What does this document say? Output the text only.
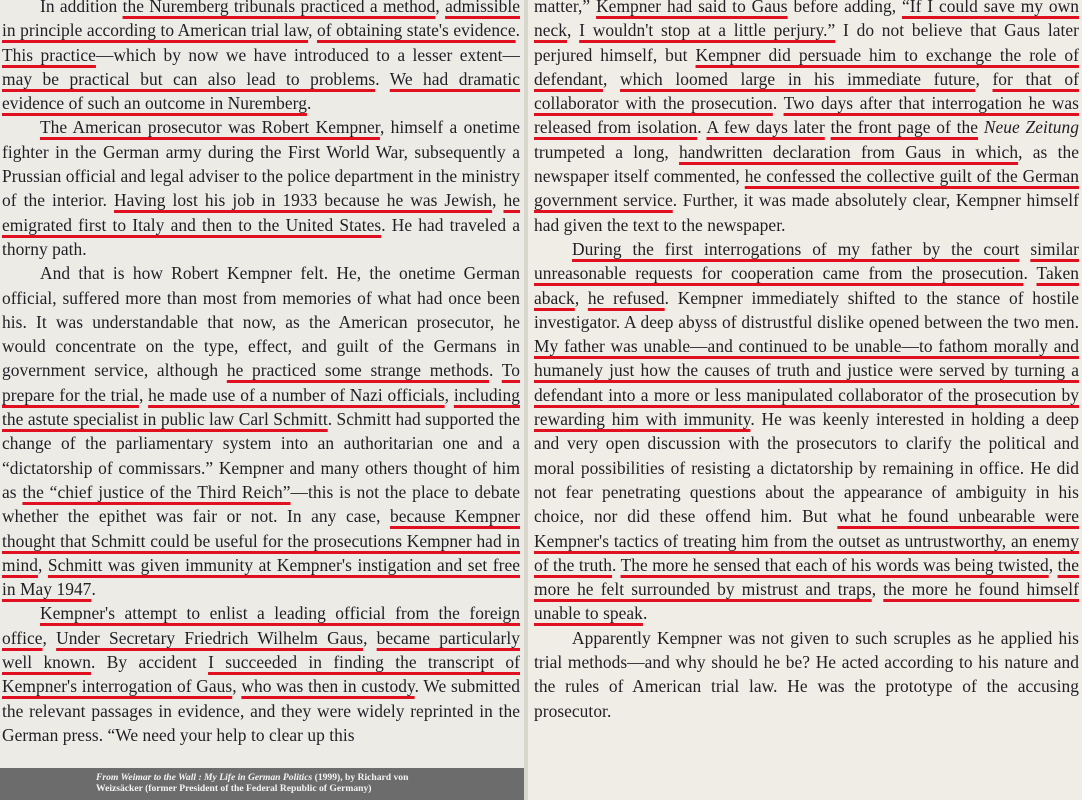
In addition the Nuremberg tribunals practiced a method, admissible in principle according to American trial law, of obtaining state's evidence. This practice—which by now we have introduced to a lesser extent—may be practical but can also lead to problems. We had dramatic evidence of such an outcome in Nuremberg.

The American prosecutor was Robert Kempner, himself a onetime fighter in the German army during the First World War, subsequently a Prussian official and legal adviser to the police department in the ministry of the interior. Having lost his job in 1933 because he was Jewish, he emigrated first to Italy and then to the United States. He had traveled a thorny path.

And that is how Robert Kempner felt. He, the onetime German official, suffered more than most from memories of what had once been his. It was understandable that now, as the American prosecutor, he would concentrate on the type, effect, and guilt of the Germans in government service, although he practiced some strange methods. To prepare for the trial, he made use of a number of Nazi officials, including the astute specialist in public law Carl Schmitt. Schmitt had supported the change of the parliamentary system into an authoritarian one and a “dictatorship of commissars.” Kempner and many others thought of him as the “chief justice of the Third Reich”—this is not the place to debate whether the epithet was fair or not. In any case, because Kempner thought that Schmitt could be useful for the prosecutions Kempner had in mind, Schmitt was given immunity at Kempner's instigation and set free in May 1947.

Kempner's attempt to enlist a leading official from the foreign office, Under Secretary Friedrich Wilhelm Gaus, became particularly well known. By accident I succeeded in finding the transcript of Kempner's interrogation of Gaus, who was then in custody. We submitted the relevant passages in evidence, and they were widely reprinted in the German press. “We need your help to clear up this

From Weimar to the Wall : My Life in German Politics (1999), by Richard von Weizsäcker (former President of the Federal Republic of Germany)

matter,” Kempner had said to Gaus before adding, “If I could save my own neck, I wouldn't stop at a little perjury.” I do not believe that Gaus later perjured himself, but Kempner did persuade him to exchange the role of defendant, which loomed large in his immediate future, for that of collaborator with the prosecution. Two days after that interrogation he was released from isolation. A few days later the front page of the Neue Zeitung trumpeted a long, handwritten declaration from Gaus in which, as the newspaper itself commented, he confessed the collective guilt of the German government service. Further, it was made absolutely clear, Kempner himself had given the text to the newspaper.

During the first interrogations of my father by the court similar unreasonable requests for cooperation came from the prosecution. Taken aback, he refused. Kempner immediately shifted to the stance of hostile investigator. A deep abyss of distrustful dislike opened between the two men. My father was unable—and continued to be unable—to fathom morally and humanely just how the causes of truth and justice were served by turning a defendant into a more or less manipulated collaborator of the prosecution by rewarding him with immunity. He was keenly interested in holding a deep and very open discussion with the prosecutors to clarify the political and moral possibilities of resisting a dictatorship by remaining in office. He did not fear penetrating questions about the appearance of ambiguity in his choice, nor did these offend him. But what he found unbearable were Kempner's tactics of treating him from the outset as untrustworthy, an enemy of the truth. The more he sensed that each of his words was being twisted, the more he felt surrounded by mistrust and traps, the more he found himself unable to speak.

Apparently Kempner was not given to such scruples as he applied his trial methods—and why should he be? He acted according to his nature and the rules of American trial law. He was the prototype of the accusing prosecutor.
